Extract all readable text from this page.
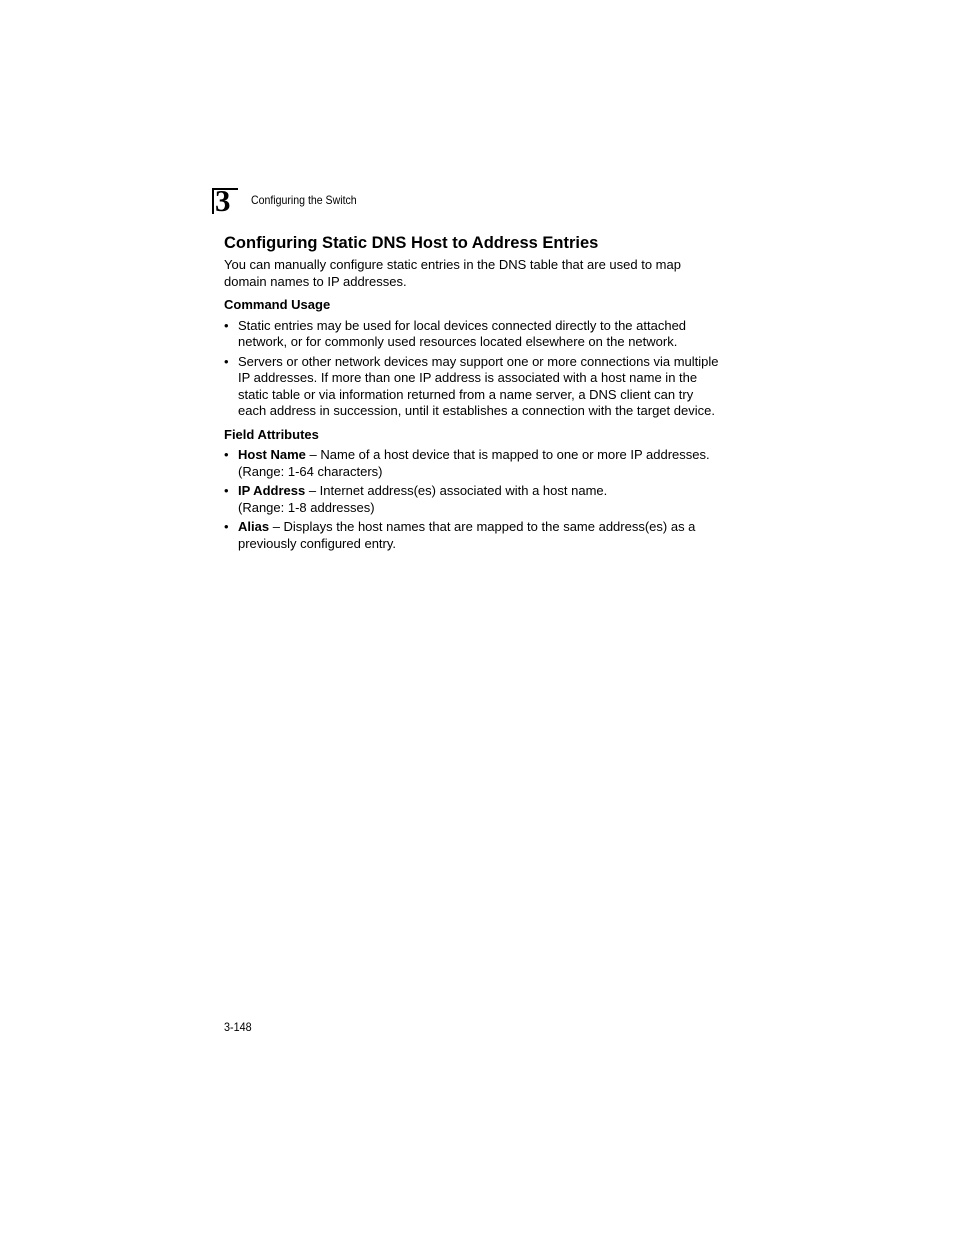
3 Configuring the Switch
Configuring Static DNS Host to Address Entries

You can manually configure static entries in the DNS table that are used to map domain names to IP addresses.

Command Usage
• Static entries may be used for local devices connected directly to the attached network, or for commonly used resources located elsewhere on the network.
• Servers or other network devices may support one or more connections via multiple IP addresses. If more than one IP address is associated with a host name in the static table or via information returned from a name server, a DNS client can try each address in succession, until it establishes a connection with the target device.
Field Attributes
• Host Name – Name of a host device that is mapped to one or more IP addresses.
(Range: 1-64 characters)
• IP Address – Internet address(es) associated with a host name.
(Range: 1-8 addresses)
• Alias – Displays the host names that are mapped to the same address(es) as a previously configured entry.
3-148
